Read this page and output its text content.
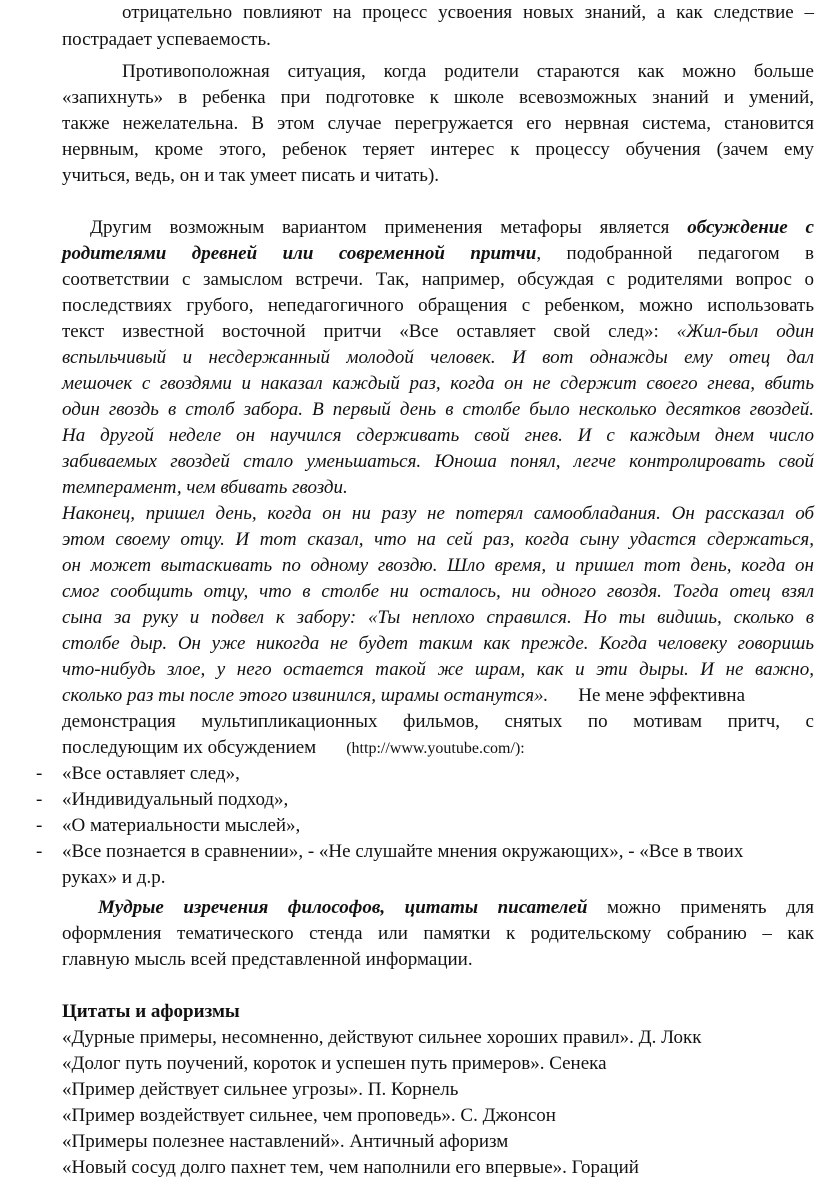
отрицательно повлияют на процесс усвоения новых знаний, а как следствие –
пострадает успеваемость.
Противоположная ситуация, когда родители стараются как можно больше
«запихнуть» в ребенка при подготовке к школе всевозможных знаний и умений,
также нежелательна. В этом случае перегружается его нервная система, становится
нервным, кроме этого, ребенок теряет интерес к процессу обучения (зачем ему
учиться, ведь, он и так умеет писать и читать).
Другим возможным вариантом применения метафоры является обсуждение с
родителями древней или современной притчи, подобранной педагогом в
соответствии с замыслом встречи. Так, например, обсуждая с родителями вопрос о
последствиях грубого, непедагогичного обращения с ребенком, можно использовать
текст известной восточной притчи «Все оставляет свой след»: «Жил-был один
вспыльчивый и несдержанный молодой человек. И вот однажды ему отец дал
мешочек с гвоздями и наказал каждый раз, когда он не сдержит своего гнева, вбить
один гвоздь в столб забора. В первый день в столбе было несколько десятков гвоздей.
На другой неделе он научился сдерживать свой гнев. И с каждым днем число
забиваемых гвоздей стало уменьшаться. Юноша понял, легче контролировать свой
темперамент, чем вбивать гвозди.
Наконец, пришел день, когда он ни разу не потерял самообладания. Он рассказал об
этом своему отцу. И тот сказал, что на сей раз, когда сыну удастся сдержаться,
он может вытаскивать по одному гвоздю. Шло время, и пришел тот день, когда он
смог сообщить отцу, что в столбе ни осталось, ни одного гвоздя. Тогда отец взял
сына за руку и подвел к забору: «Ты неплохо справился. Но ты видишь, сколько в
столбе дыр. Он уже никогда не будет таким как прежде. Когда человеку говоришь
что-нибудь злое, у него остается такой же шрам, как и эти дыры. И не важно,
сколько раз ты после этого извинился, шрамы останутся». Не мене эффективна
демонстрация мультипликационных фильмов, снятых по мотивам притч, с
последующим их обсуждением (http://www.youtube.com/):
- «Все оставляет след»,
- «Индивидуальный подход»,
- «О материальности мыслей»,
- «Все познается в сравнении», - «Не слушайте мнения окружающих», - «Все в твоих
руках» и д.р.
Мудрые изречения философов, цитаты писателей можно применять для
оформления тематического стенда или памятки к родительскому собранию – как
главную мысль всей представленной информации.
Цитаты и афоризмы
«Дурные примеры, несомненно, действуют сильнее хороших правил». Д. Локк
«Долог путь поучений, короток и успешен путь примеров». Сенека
«Пример действует сильнее угрозы». П. Корнель
«Пример воздействует сильнее, чем проповедь». С. Джонсон
«Примеры полезнее наставлений». Античный афоризм
«Новый сосуд долго пахнет тем, чем наполнили его впервые». Гораций
